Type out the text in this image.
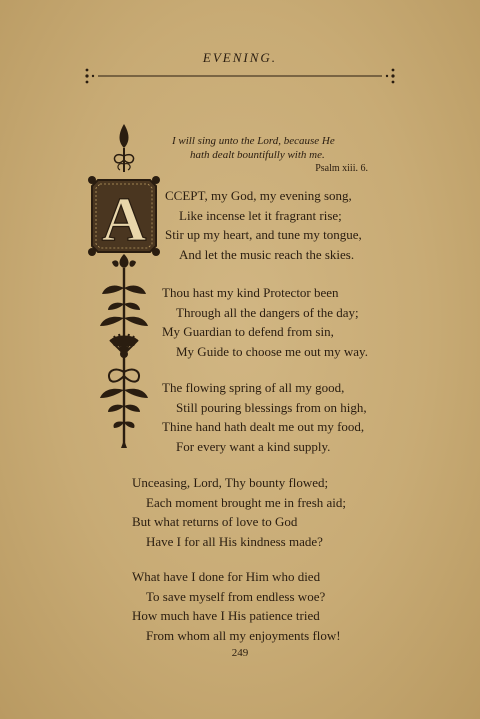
EVENING.
I will sing unto the Lord, because He
hath dealt bountifully with me.
Psalm xiii. 6.
A CCEPT, my God, my evening song,
Like incense let it fragrant rise;
Stir up my heart, and tune my tongue,
And let the music reach the skies.
Thou hast my kind Protector been
Through all the dangers of the day;
My Guardian to defend from sin,
My Guide to choose me out my way.
The flowing spring of all my good,
Still pouring blessings from on high,
Thine hand hath dealt me out my food,
For every want a kind supply.
Unceasing, Lord, Thy bounty flowed;
Each moment brought me in fresh aid;
But what returns of love to God
Have I for all His kindness made?
What have I done for Him who died
To save myself from endless woe?
How much have I His patience tried
From whom all my enjoyments flow!
249
